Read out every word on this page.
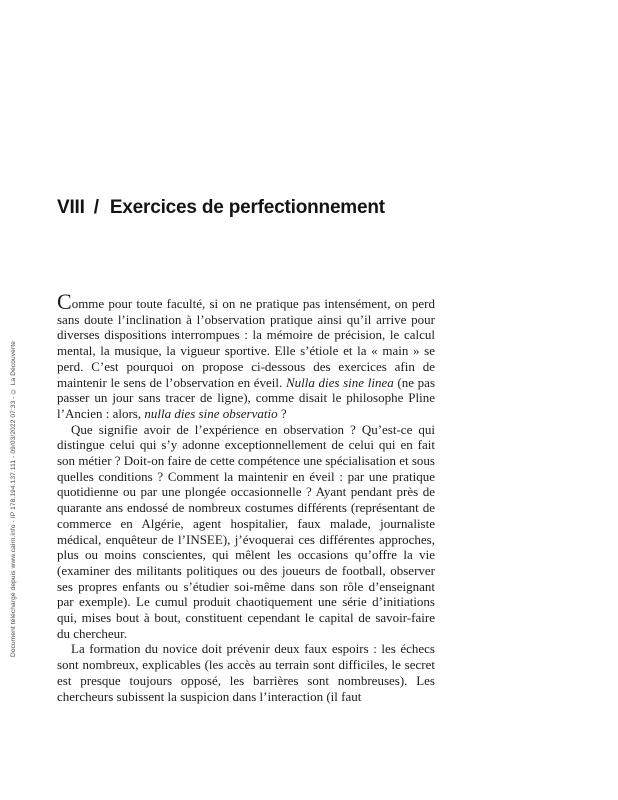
Document téléchargé depuis www.cairn.info - IP 178.194.137.111 - 09/03/2022 07:33 - © La Découverte
VIII / Exercices de perfectionnement

Comme pour toute faculté, si on ne pratique pas intensément, on perd sans doute l’inclination à l’observation pratique ainsi qu’il arrive pour diverses dispositions interrompues : la mémoire de précision, le calcul mental, la musique, la vigueur sportive. Elle s’étiole et la « main » se perd. C’est pourquoi on propose ci-dessous des exercices afin de maintenir le sens de l’observation en éveil. Nulla dies sine linea (ne pas passer un jour sans tracer de ligne), comme disait le philosophe Pline l’Ancien : alors, nulla dies sine observatio ?

Que signifie avoir de l’expérience en observation ? Qu’est-ce qui distingue celui qui s’y adonne exceptionnellement de celui qui en fait son métier ? Doit-on faire de cette compétence une spécialisation et sous quelles conditions ? Comment la maintenir en éveil : par une pratique quotidienne ou par une plongée occasionnelle ? Ayant pendant près de quarante ans endossé de nombreux costumes différents (représentant de commerce en Algérie, agent hospitalier, faux malade, journaliste médical, enquêteur de l’INSEE), j’évoquerai ces différentes approches, plus ou moins conscientes, qui mêlent les occasions qu’offre la vie (examiner des militants politiques ou des joueurs de football, observer ses propres enfants ou s’étudier soi-même dans son rôle d’enseignant par exemple). Le cumul produit chaotiquement une série d’initiations qui, mises bout à bout, constituent cependant le capital de savoir-faire du chercheur.

La formation du novice doit prévenir deux faux espoirs : les échecs sont nombreux, explicables (les accès au terrain sont difficiles, le secret est presque toujours opposé, les barrières sont nombreuses). Les chercheurs subissent la suspicion dans l’interaction (il faut
